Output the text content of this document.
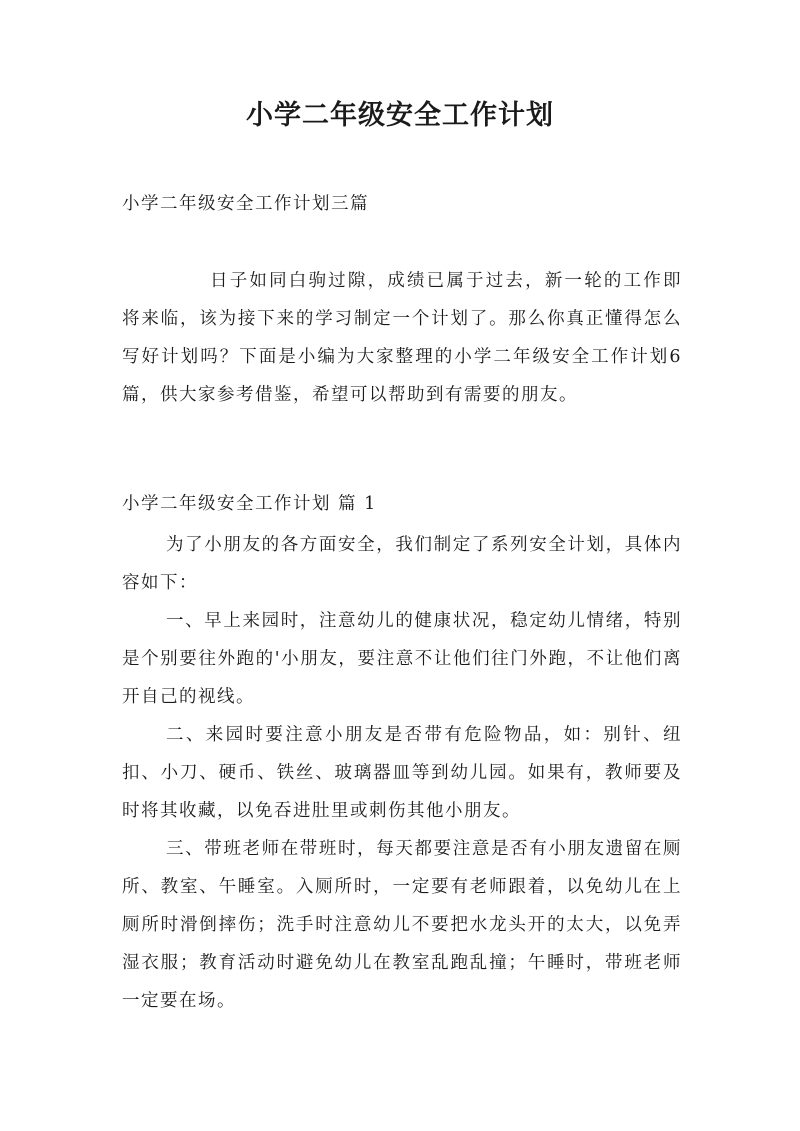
小学二年级安全工作计划
小学二年级安全工作计划三篇

日子如同白驹过隙，成绩已属于过去，新一轮的工作即将来临，该为接下来的学习制定一个计划了。那么你真正懂得怎么写好计划吗？下面是小编为大家整理的小学二年级安全工作计划6篇，供大家参考借鉴，希望可以帮助到有需要的朋友。

小学二年级安全工作计划 篇 1

为了小朋友的各方面安全，我们制定了系列安全计划，具体内容如下：

一、早上来园时，注意幼儿的健康状况，稳定幼儿情绪，特别是个别要往外跑的'小朋友，要注意不让他们往门外跑，不让他们离开自己的视线。

二、来园时要注意小朋友是否带有危险物品，如：别针、纽扣、小刀、硬币、铁丝、玻璃器皿等到幼儿园。如果有，教师要及时将其收藏，以免吞进肚里或刺伤其他小朋友。

三、带班老师在带班时，每天都要注意是否有小朋友遗留在厕所、教室、午睡室。入厕所时，一定要有老师跟着，以免幼儿在上厕所时滑倒摔伤；洗手时注意幼儿不要把水龙头开的太大，以免弄湿衣服；教育活动时避免幼儿在教室乱跑乱撞；午睡时，带班老师一定要在场。
